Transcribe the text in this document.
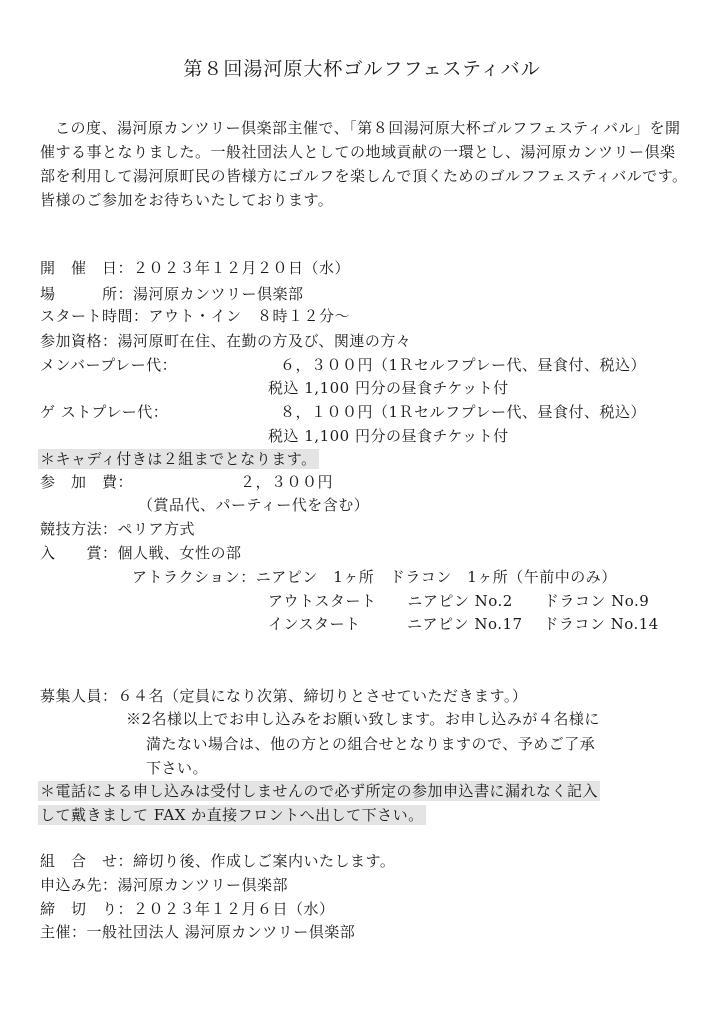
第８回湯河原大杯ゴルフフェスティバル

この度、湯河原カンツリー倶楽部主催で、「第８回湯河原大杯ゴルフフェスティバル」を開催する事となりました。一般社団法人としての地域貢献の一環とし、湯河原カンツリー倶楽部を利用して湯河原町民の皆様方にゴルフを楽しんで頂くためのゴルフフェスティバルです。皆様のご参加をお待ちいたしております。

開　催　日：２０２３年１２月２０日（水）
場　　　所：湯河原カンツリー倶楽部
スタート時間：アウト・イン　８時１２分～
参加資格：湯河原町在住、在勤の方及び、関連の方々
メンバープレー代：	６，３００円（1Ｒセルフプレー代、昼食付、税込）
税込 1,100 円分の昼食チケット付
ゲ ストプレー代：	８，１００円（1Ｒセルフプレー代、昼食付、税込）
税込 1,100 円分の昼食チケット付
＊キャディ付きは２組までとなります。
参　加　費：	２，３００円
（賞品代、パーティー代を含む）
競技方法：ペリア方式
入　　賞：個人戦、女性の部
アトラクション：ニアピン　1ヶ所　ドラコン　1ヶ所（午前中のみ）
アウトスタート　　ニアピン No.2　　ドラコン No.9
インスタート　　　ニアピン No.17　 ドラコン No.14
募集人員：６４名（定員になり次第、締切りとさせていただきます。）
※2名様以上でお申し込みをお願い致します。お申し込みが４名様に
満たない場合は、他の方との組合せとなりますので、予めご了承
下さい。
＊電話による申し込みは受付しませんので必ず所定の参加申込書に漏れなく記入
して戴きまして FAX か直接フロントへ出して下さい。
組　合　せ：締切り後、作成しご案内いたします。
申込み先：湯河原カンツリー倶楽部
締　切　り：２０２３年１２月６日（水）
主催：一般社団法人 湯河原カンツリー倶楽部
